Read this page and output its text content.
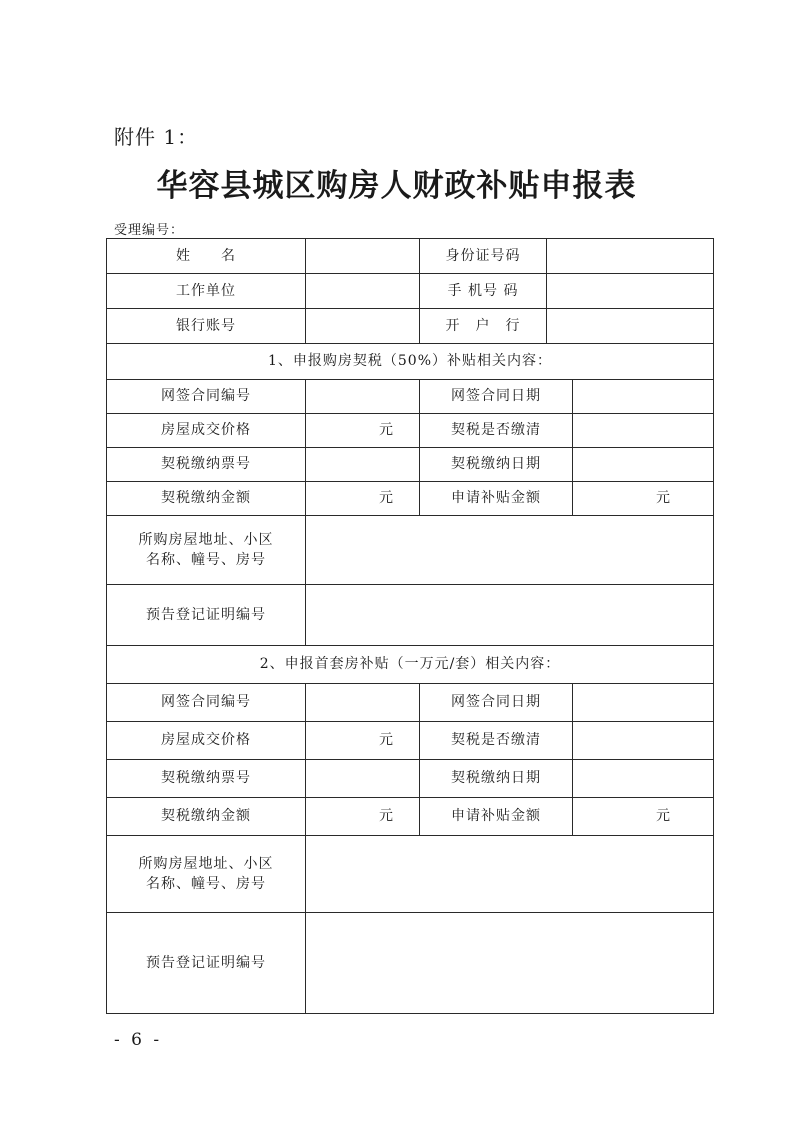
附件 1：
华容县城区购房人财政补贴申报表
受理编号：
姓　　名		身份证号码		
工作单位		手 机号 码		
银行账号		开　户　行		
1、申报购房契税（50%）补贴相关内容：				
网签合同编号		网签合同日期		
房屋成交价格	元	契税是否缴清		
契税缴纳票号		契税缴纳日期		
契税缴纳金额	元	申请补贴金额		元

所购房屋地址、小区
名称、幢号、房号				

预告登记证明编号				
2、申报首套房补贴（一万元/套）相关内容：				
网签合同编号		网签合同日期		
房屋成交价格	元	契税是否缴清		
契税缴纳票号		契税缴纳日期		
契税缴纳金额	元	申请补贴金额		元

所购房屋地址、小区
名称、幢号、房号				

预告登记证明编号				
- 6 -
